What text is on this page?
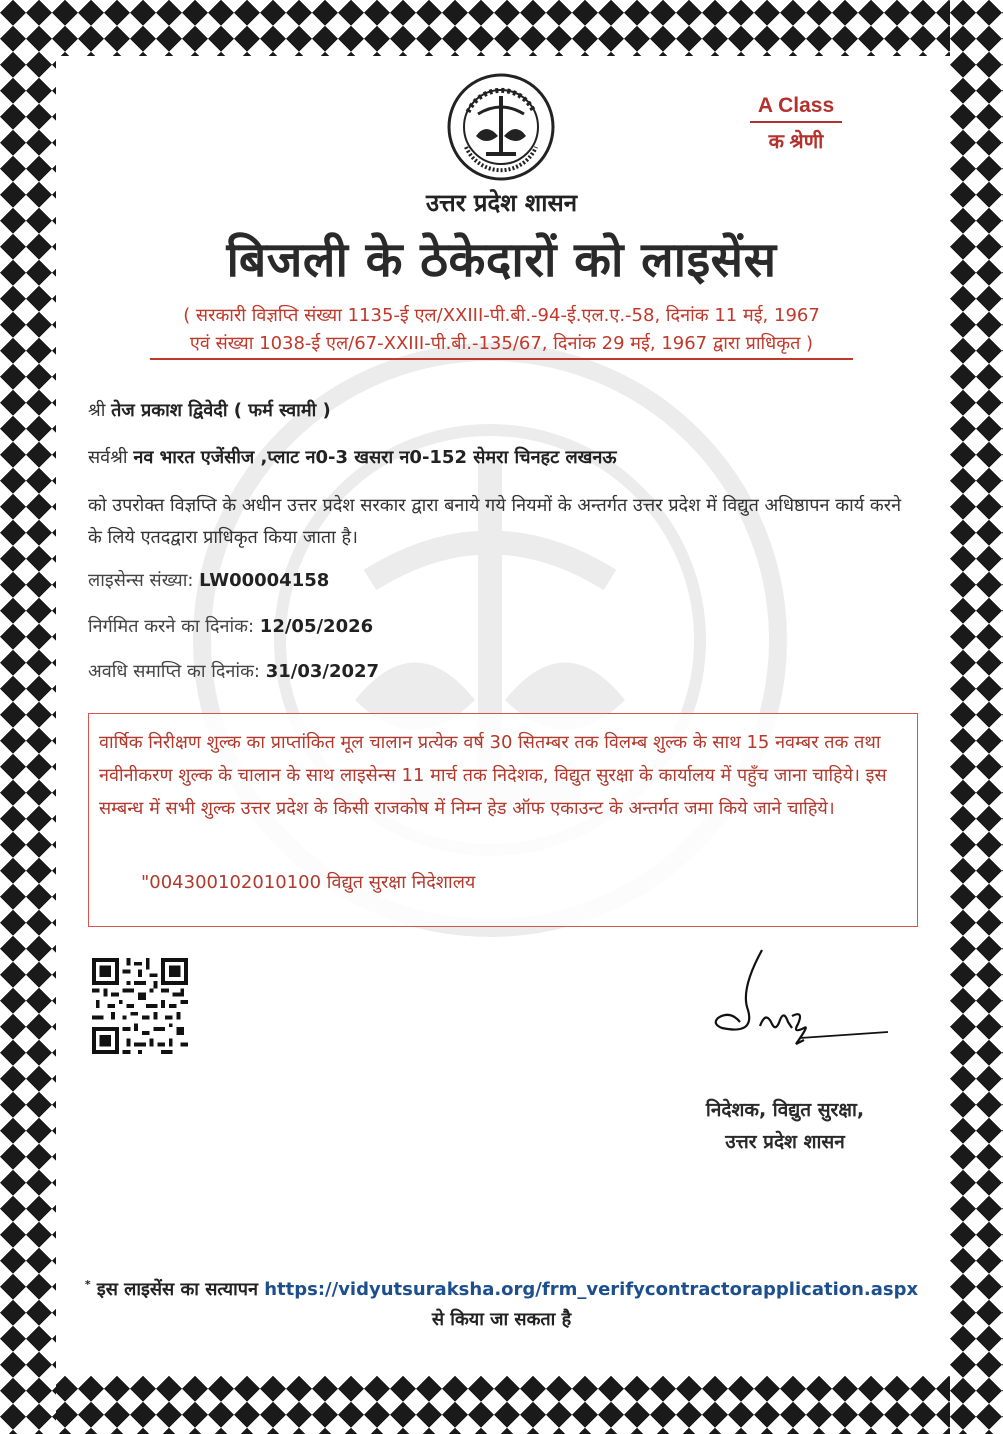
A Class
क श्रेणी
उत्तर प्रदेश शासन
बिजली के ठेकेदारों को लाइसेंस
( सरकारी विज्ञप्ति संख्या 1135-ई एल/XXIII-पी.बी.-94-ई.एल.ए.-58, दिनांक 11 मई, 1967
एवं संख्या 1038-ई एल/67-XXIII-पी.बी.-135/67, दिनांक 29 मई, 1967 द्वारा प्राधिकृत )
श्री तेज प्रकाश द्विवेदी ( फर्म स्वामी )
सर्वश्री नव भारत एजेंसीज ,प्लाट न0-3 खसरा न0-152 सेमरा चिनहट लखनऊ
को उपरोक्त विज्ञप्ति के अधीन उत्तर प्रदेश सरकार द्वारा बनाये गये नियमों के अन्तर्गत उत्तर प्रदेश में विद्युत अधिष्ठापन कार्य करने के लिये एतदद्वारा प्राधिकृत किया जाता है।
लाइसेन्स संख्या: LW00004158
निर्गमित करने का दिनांक: 12/05/2026
अवधि समाप्ति का दिनांक: 31/03/2027
वार्षिक निरीक्षण शुल्क का प्राप्तांकित मूल चालान प्रत्येक वर्ष 30 सितम्बर तक विलम्ब शुल्क के साथ 15 नवम्बर तक तथा नवीनीकरण शुल्क के चालान के साथ लाइसेन्स 11 मार्च तक निदेशक, विद्युत सुरक्षा के कार्यालय में पहुँच जाना चाहिये। इस सम्बन्ध में सभी शुल्क उत्तर प्रदेश के किसी राजकोष में निम्न हेड ऑफ एकाउन्ट के अन्तर्गत जमा किये जाने चाहिये।
"004300102010100 विद्युत सुरक्षा निदेशालय
निदेशक, विद्युत सुरक्षा,
उत्तर प्रदेश शासन
* इस लाइसेंस का सत्यापन https://vidyutsuraksha.org/frm_verifycontractorapplication.aspx
से किया जा सकता है
